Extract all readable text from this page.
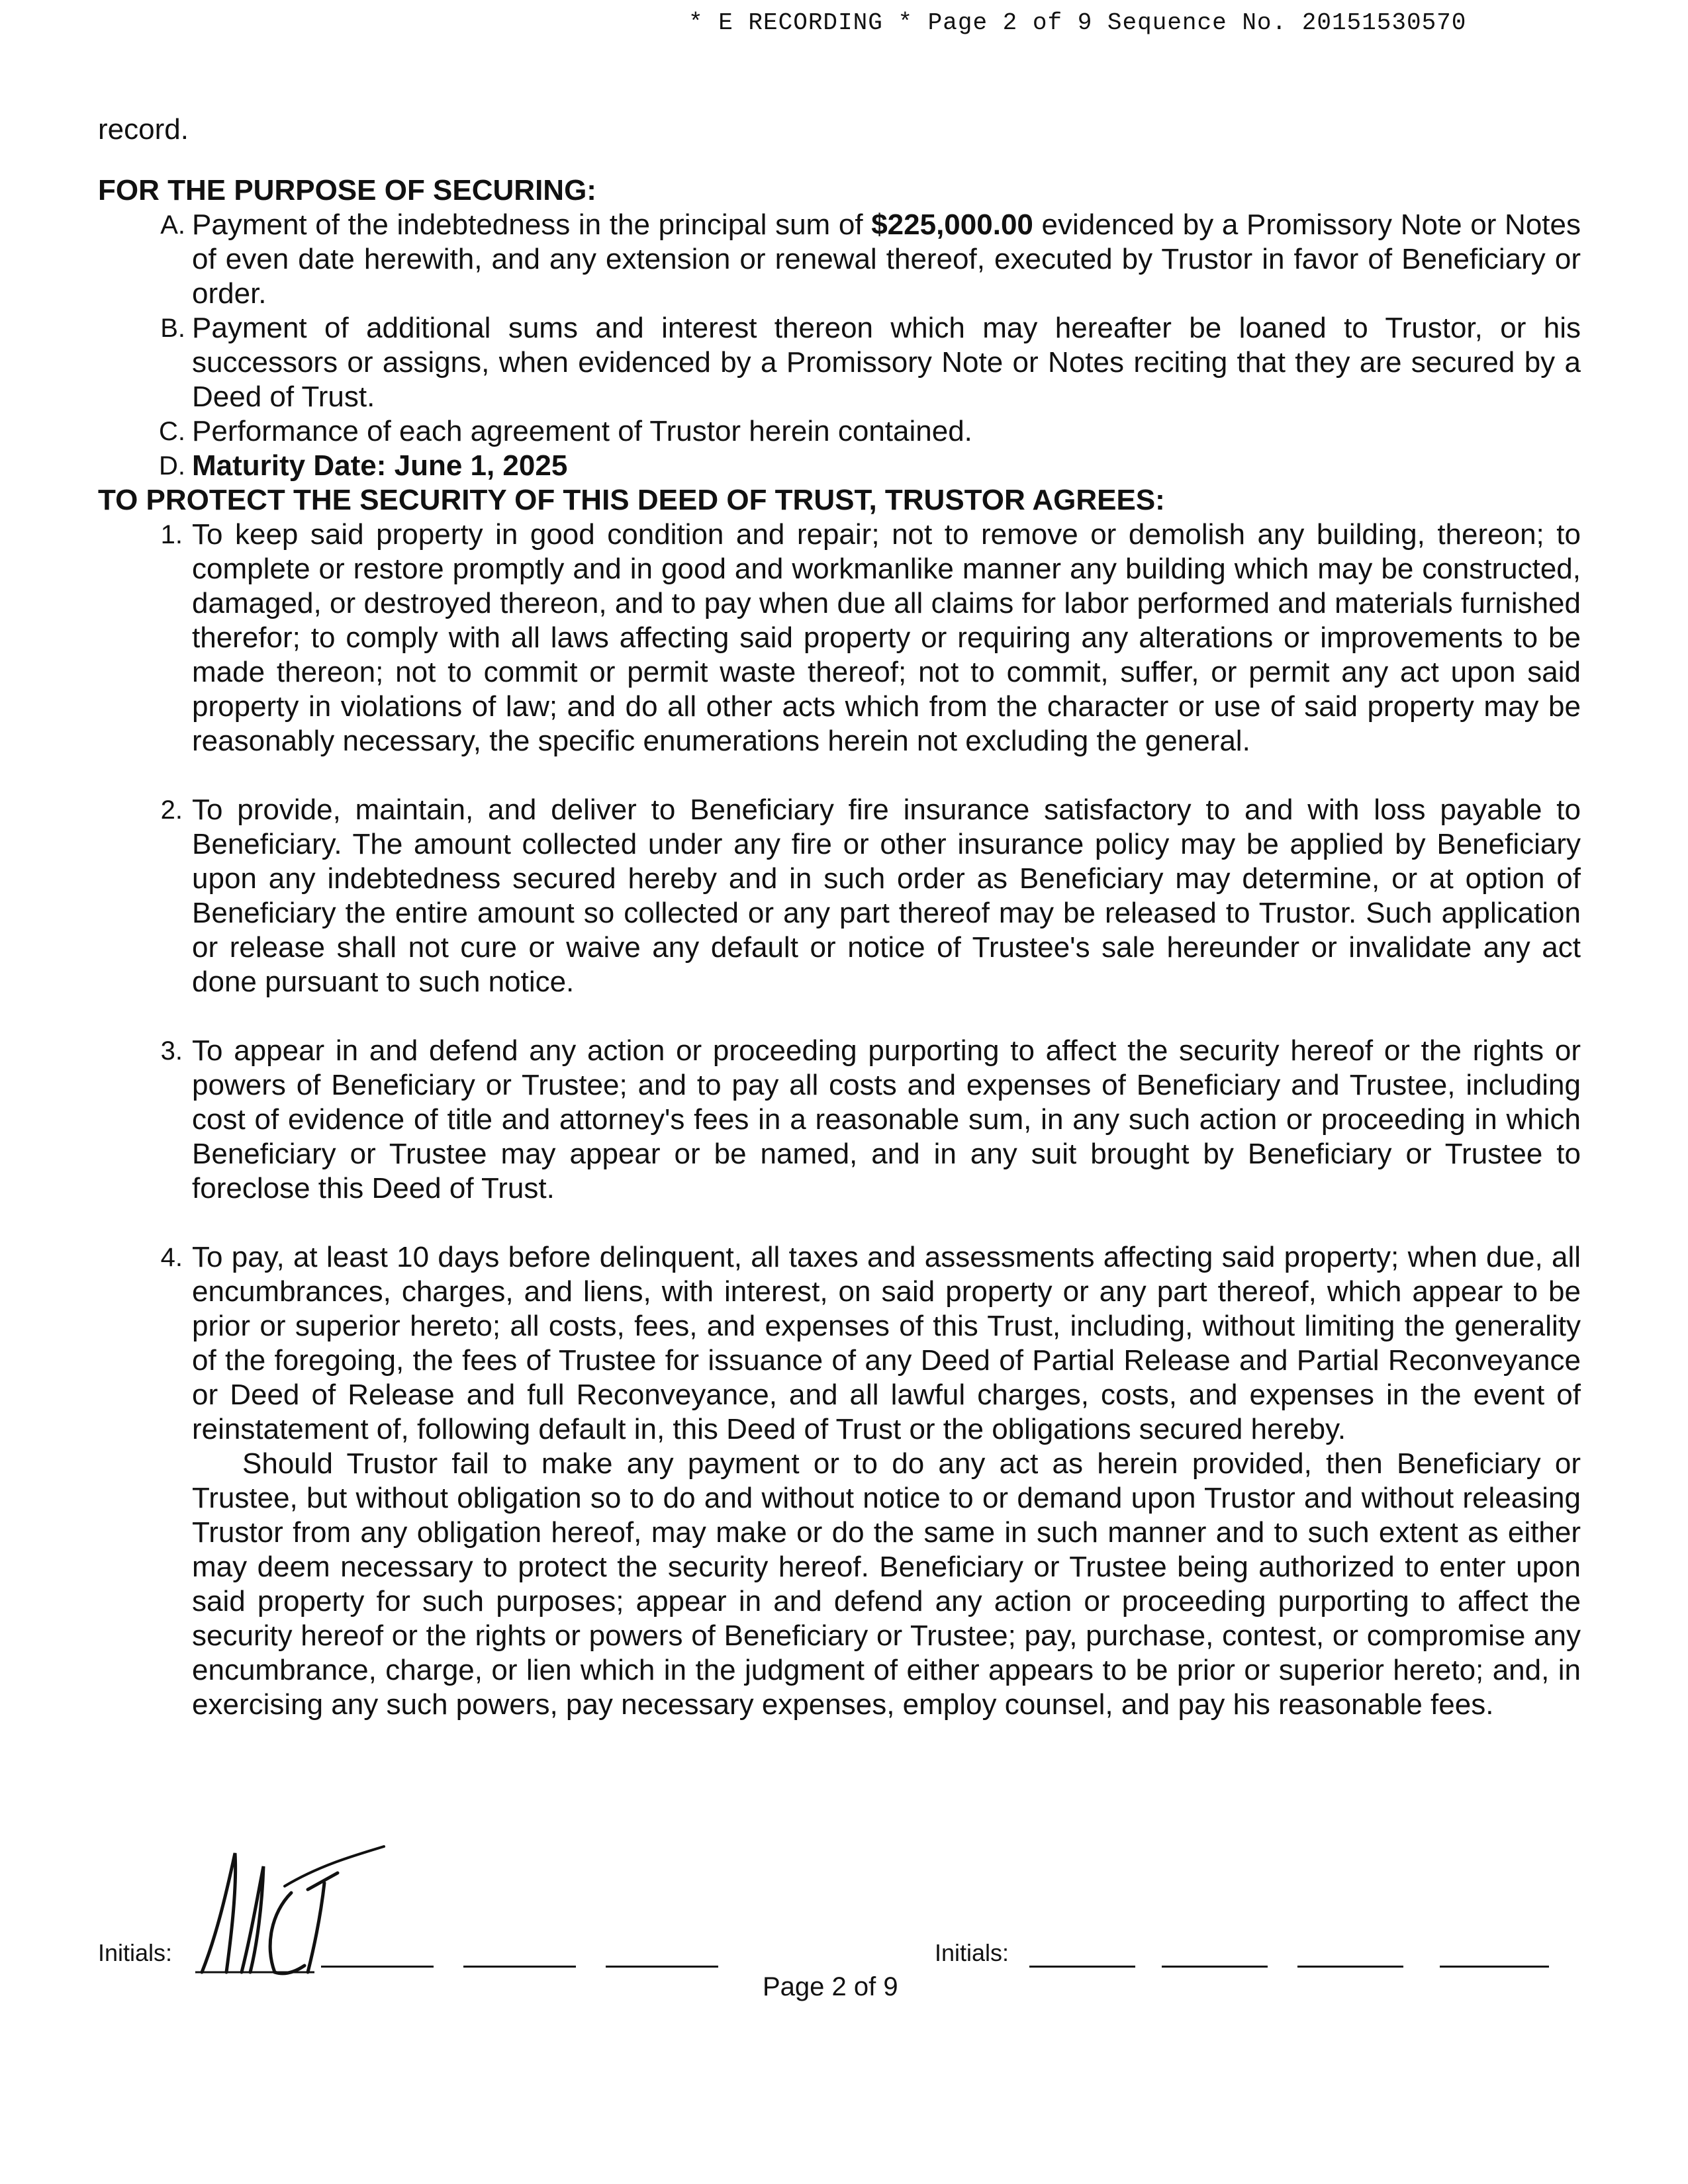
* E RECORDING * Page 2 of 9 Sequence No. 20151530570

record.

FOR THE PURPOSE OF SECURING:

A. Payment of the indebtedness in the principal sum of $225,000.00 evidenced by a Promissory Note or Notes of even date herewith, and any extension or renewal thereof, executed by Trustor in favor of Beneficiary or order.
B. Payment of additional sums and interest thereon which may hereafter be loaned to Trustor, or his successors or assigns, when evidenced by a Promissory Note or Notes reciting that they are secured by a Deed of Trust.
C. Performance of each agreement of Trustor herein contained.
D. Maturity Date: June 1, 2025

TO PROTECT THE SECURITY OF THIS DEED OF TRUST, TRUSTOR AGREES:

1. To keep said property in good condition and repair; not to remove or demolish any building, thereon; to complete or restore promptly and in good and workmanlike manner any building which may be constructed, damaged, or destroyed thereon, and to pay when due all claims for labor performed and materials furnished therefor; to comply with all laws affecting said property or requiring any alterations or improvements to be made thereon; not to commit or permit waste thereof; not to commit, suffer, or permit any act upon said property in violations of law; and do all other acts which from the character or use of said property may be reasonably necessary, the specific enumerations herein not excluding the general.
2. To provide, maintain, and deliver to Beneficiary fire insurance satisfactory to and with loss payable to Beneficiary. The amount collected under any fire or other insurance policy may be applied by Beneficiary upon any indebtedness secured hereby and in such order as Beneficiary may determine, or at option of Beneficiary the entire amount so collected or any part thereof may be released to Trustor. Such application or release shall not cure or waive any default or notice of Trustee's sale hereunder or invalidate any act done pursuant to such notice.
3. To appear in and defend any action or proceeding purporting to affect the security hereof or the rights or powers of Beneficiary or Trustee; and to pay all costs and expenses of Beneficiary and Trustee, including cost of evidence of title and attorney's fees in a reasonable sum, in any such action or proceeding in which Beneficiary or Trustee may appear or be named, and in any suit brought by Beneficiary or Trustee to foreclose this Deed of Trust.
4. To pay, at least 10 days before delinquent, all taxes and assessments affecting said property; when due, all encumbrances, charges, and liens, with interest, on said property or any part thereof, which appear to be prior or superior hereto; all costs, fees, and expenses of this Trust, including, without limiting the generality of the foregoing, the fees of Trustee for issuance of any Deed of Partial Release and Partial Reconveyance or Deed of Release and full Reconveyance, and all lawful charges, costs, and expenses in the event of reinstatement of, following default in, this Deed of Trust or the obligations secured hereby.

Should Trustor fail to make any payment or to do any act as herein provided, then Beneficiary or Trustee, but without obligation so to do and without notice to or demand upon Trustor and without releasing Trustor from any obligation hereof, may make or do the same in such manner and to such extent as either may deem necessary to protect the security hereof. Beneficiary or Trustee being authorized to enter upon said property for such purposes; appear in and defend any action or proceeding purporting to affect the security hereof or the rights or powers of Beneficiary or Trustee; pay, purchase, contest, or compromise any encumbrance, charge, or lien which in the judgment of either appears to be prior or superior hereto; and, in exercising any such powers, pay necessary expenses, employ counsel, and pay his reasonable fees.

Initials:	Initials:
Page 2 of 9
